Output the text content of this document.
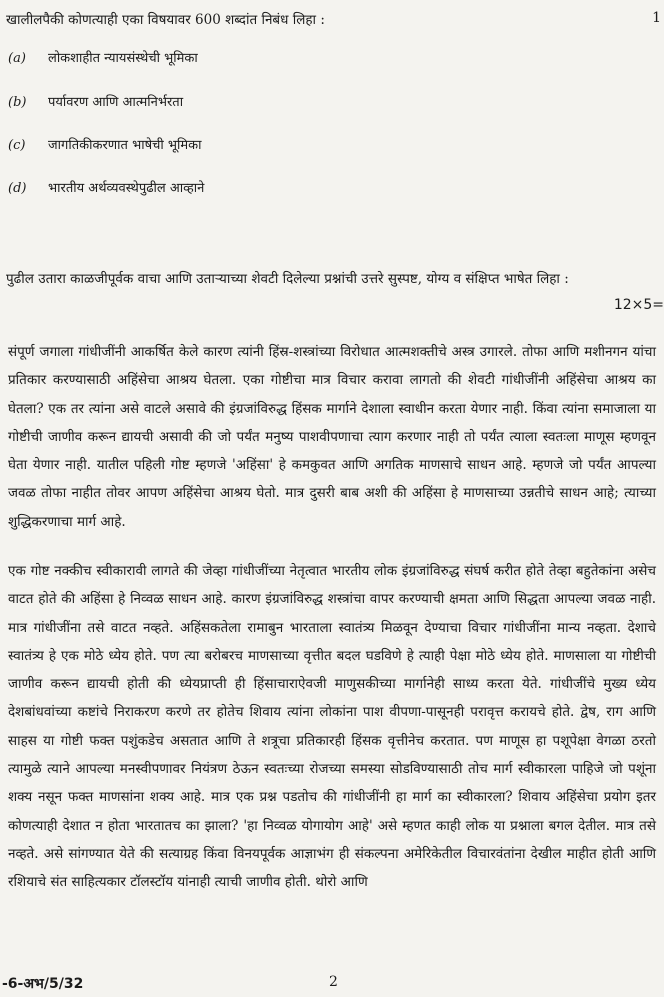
खालीलपैकी कोणत्याही एका विषयावर 600 शब्दांत निबंध लिहा :	1
(a) लोकशाहीत न्यायसंस्थेची भूमिका
(b) पर्यावरण आणि आत्मनिर्भरता
(c) जागतिकीकरणात भाषेची भूमिका
(d) भारतीय अर्थव्यवस्थेपुढील आव्हाने
पुढील उतारा काळजीपूर्वक वाचा आणि उताऱ्याच्या शेवटी दिलेल्या प्रश्नांची उत्तरे सुस्पष्ट, योग्य व संक्षिप्त भाषेत लिहा :
12×5=
संपूर्ण जगाला गांधीजींनी आकर्षित केले कारण त्यांनी हिंस्र-शस्त्रांच्या विरोधात आत्मशक्तीचे अस्त्र उगारले. तोफा आणि मशीनगन यांचा प्रतिकार करण्यासाठी अहिंसेचा आश्रय घेतला. एका गोष्टीचा मात्र विचार करावा लागतो की शेवटी गांधीजींनी अहिंसेचा आश्रय का घेतला? एक तर त्यांना असे वाटले असावे की इंग्रजांविरुद्ध हिंसक मार्गाने देशाला स्वाधीन करता येणार नाही. किंवा त्यांना समाजाला या गोष्टीची जाणीव करून द्यायची असावी की जो पर्यंत मनुष्य पाशवीपणाचा त्याग करणार नाही तो पर्यंत त्याला स्वतःला माणूस म्हणवून घेता येणार नाही. यातील पहिली गोष्ट म्हणजे 'अहिंसा' हे कमकुवत आणि अगतिक माणसाचे साधन आहे. म्हणजे जो पर्यंत आपल्या जवळ तोफा नाहीत तोवर आपण अहिंसेचा आश्रय घेतो. मात्र दुसरी बाब अशी की अहिंसा हे माणसाच्या उन्नतीचे साधन आहे; त्याच्या शुद्धिकरणाचा मार्ग आहे.
एक गोष्ट नक्कीच स्वीकारावी लागते की जेव्हा गांधीजींच्या नेतृत्वात भारतीय लोक इंग्रजांविरुद्ध संघर्ष करीत होते तेव्हा बहुतेकांना असेच वाटत होते की अहिंसा हे निव्वळ साधन आहे. कारण इंग्रजांविरुद्ध शस्त्रांचा वापर करण्याची क्षमता आणि सिद्धता आपल्या जवळ नाही. मात्र गांधीजींना तसे वाटत नव्हते. अहिंसकतेला रामाबुन भारताला स्वातंत्र्य मिळवून देण्याचा विचार गांधीजींना मान्य नव्हता. देशाचे स्वातंत्र्य हे एक मोठे ध्येय होते. पण त्या बरोबरच माणसाच्या वृत्तीत बदल घडविणे हे त्याही पेक्षा मोठे ध्येय होते. माणसाला या गोष्टीची जाणीव करून द्यायची होती की ध्येयप्राप्ती ही हिंसाचाराऐवजी माणुसकीच्या मार्गानेही साध्य करता येते. गांधीजींचे मुख्य ध्येय देशबांधवांच्या कष्टांचे निराकरण करणे तर होतेच शिवाय त्यांना लोकांना पाश वीपणा-पासूनही परावृत्त करायचे होते. द्वेष, राग आणि साहस या गोष्टी फक्त पशुंकडेच असतात आणि ते शत्रूचा प्रतिकारही हिंसक वृत्तीनेच करतात. पण माणूस हा पशूपेक्षा वेगळा ठरतो त्यामुळे त्याने आपल्या मनस्वीपणावर नियंत्रण ठेऊन स्वतःच्या रोजच्या समस्या सोडविण्यासाठी तोच मार्ग स्वीकारला पाहिजे जो पशूंना शक्य नसून फक्त माणसांना शक्य आहे. मात्र एक प्रश्न पडतोच की गांधीजींनी हा मार्ग का स्वीकारला? शिवाय अहिंसेचा प्रयोग इतर कोणत्याही देशात न होता भारतातच का झाला? 'हा निव्वळ योगायोग आहे' असे म्हणत काही लोक या प्रश्नाला बगल देतील. मात्र तसे नव्हते. असे सांगण्यात येते की सत्याग्रह किंवा विनयपूर्वक आज्ञाभंग ही संकल्पना अमेरिकेतील विचारवंतांना देखील माहीत होती आणि रशियाचे संत साहित्यकार टॉलस्टॉय यांनाही त्याची जाणीव होती. थोरो आणि
-6-अभ/5/32	2
